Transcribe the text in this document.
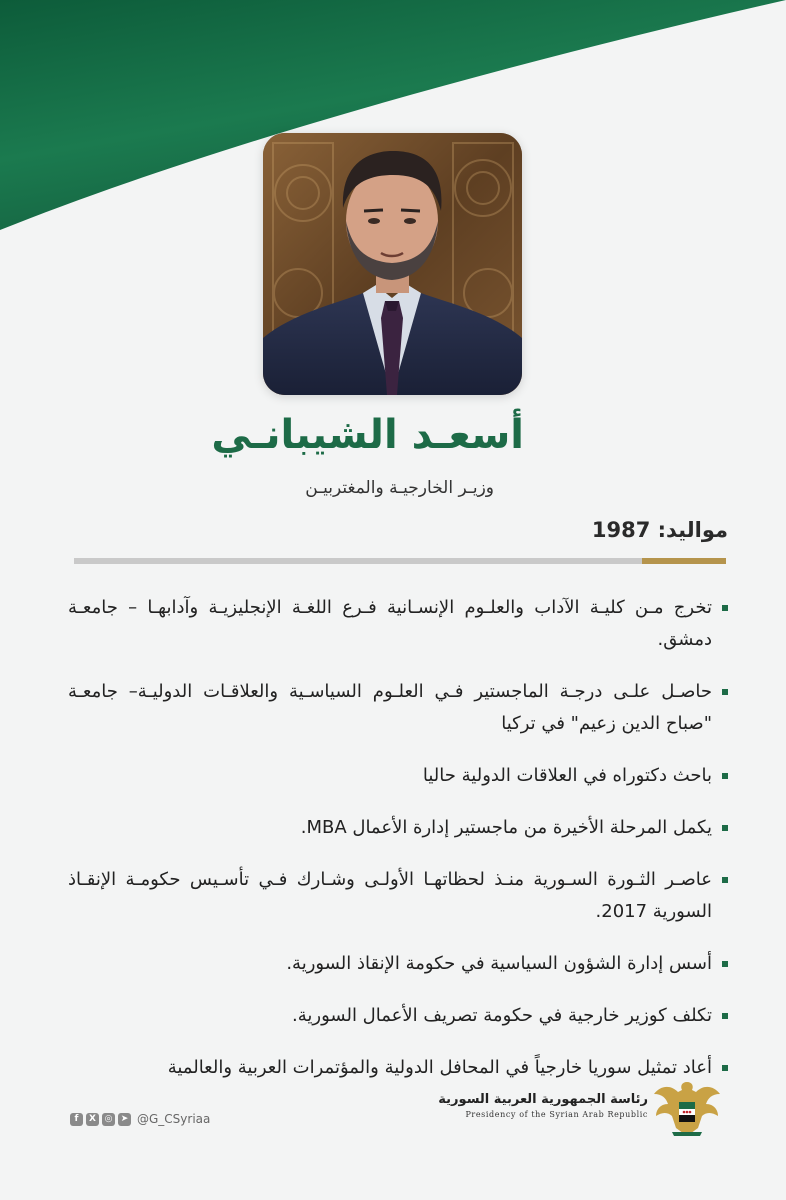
أسعـد الشيبانـي

وزيـر الخارجيـة والمغتربيـن

مواليد: 1987

تخرج مـن كليـة الآداب والعلـوم الإنسـانية فـرع اللغـة الإنجليزيـة وآدابهـا – جامعـة دمشق.
حاصـل علـى درجـة الماجستير فـي العلـوم السياسـية والعلاقـات الدوليـة– جامعـة "صباح الدين زعيم" في تركيا
باحث دكتوراه في العلاقات الدولية حاليا
يكمل المرحلة الأخيرة من ماجستير إدارة الأعمال MBA.
عاصـر الثـورة السـورية منـذ لحظاتهـا الأولـى وشـارك فـي تأسـيس حكومـة الإنقـاذ السورية 2017.
أسس إدارة الشؤون السياسية في حكومة الإنقاذ السورية.
تكلف كوزير خارجية في حكومة تصريف الأعمال السورية.
أعاد تمثيل سوريا خارجياً في المحافل الدولية والمؤتمرات العربية والعالمية
f	X ◎ ➤ @G_CSyriaa

رئاسة الجمهورية العربية السورية

Presidency of the Syrian Arab Republic
